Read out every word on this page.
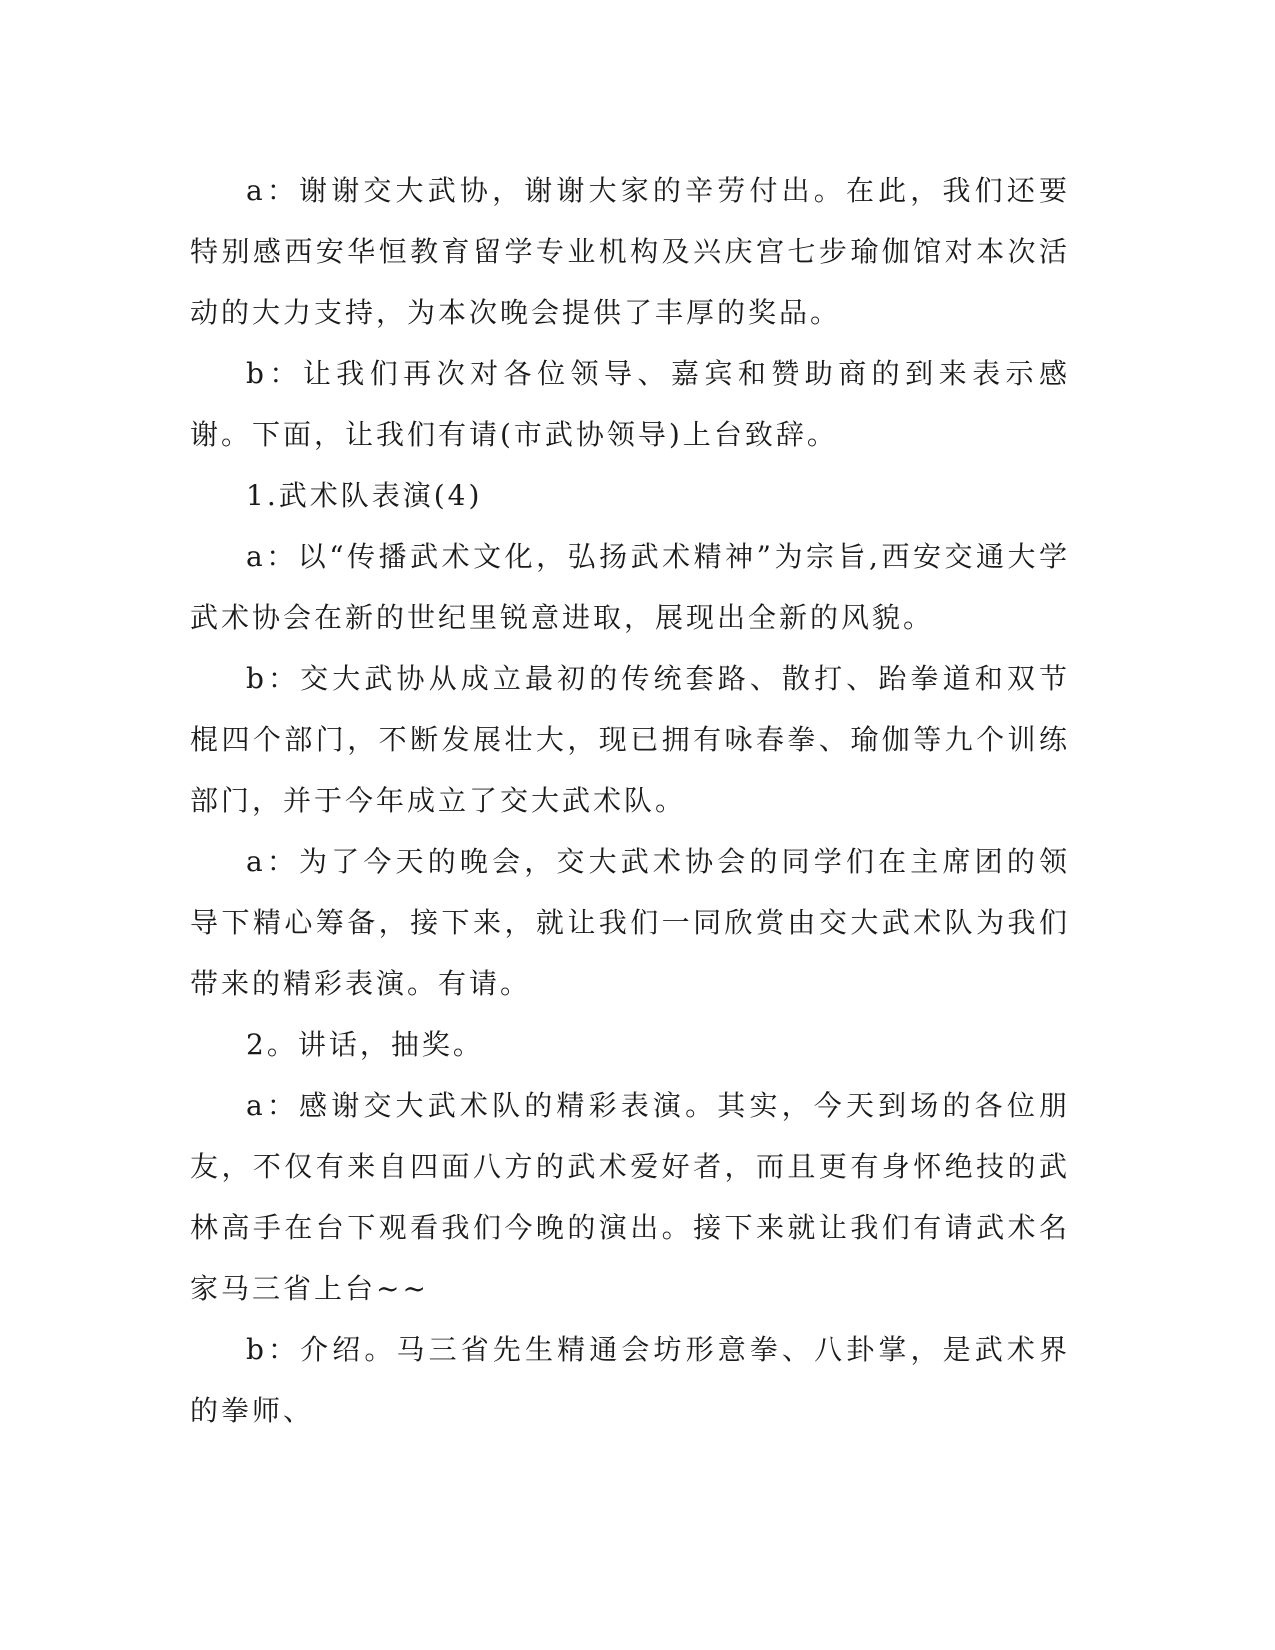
a：谢谢交大武协，谢谢大家的辛劳付出。在此，我们还要特别感西安华恒教育留学专业机构及兴庆宫七步瑜伽馆对本次活动的大力支持，为本次晚会提供了丰厚的奖品。

b：让我们再次对各位领导、嘉宾和赞助商的到来表示感谢。下面，让我们有请(市武协领导)上台致辞。

1.武术队表演(4)

a：以“传播武术文化，弘扬武术精神”为宗旨,西安交通大学武术协会在新的世纪里锐意进取，展现出全新的风貌。

b：交大武协从成立最初的传统套路、散打、跆拳道和双节棍四个部门，不断发展壮大，现已拥有咏春拳、瑜伽等九个训练部门，并于今年成立了交大武术队。

a：为了今天的晚会，交大武术协会的同学们在主席团的领导下精心筹备，接下来，就让我们一同欣赏由交大武术队为我们带来的精彩表演。有请。

2。讲话，抽奖。

a：感谢交大武术队的精彩表演。其实，今天到场的各位朋友，不仅有来自四面八方的武术爱好者，而且更有身怀绝技的武林高手在台下观看我们今晚的演出。接下来就让我们有请武术名家马三省上台~~

b：介绍。马三省先生精通会坊形意拳、八卦掌，是武术界的拳师、
